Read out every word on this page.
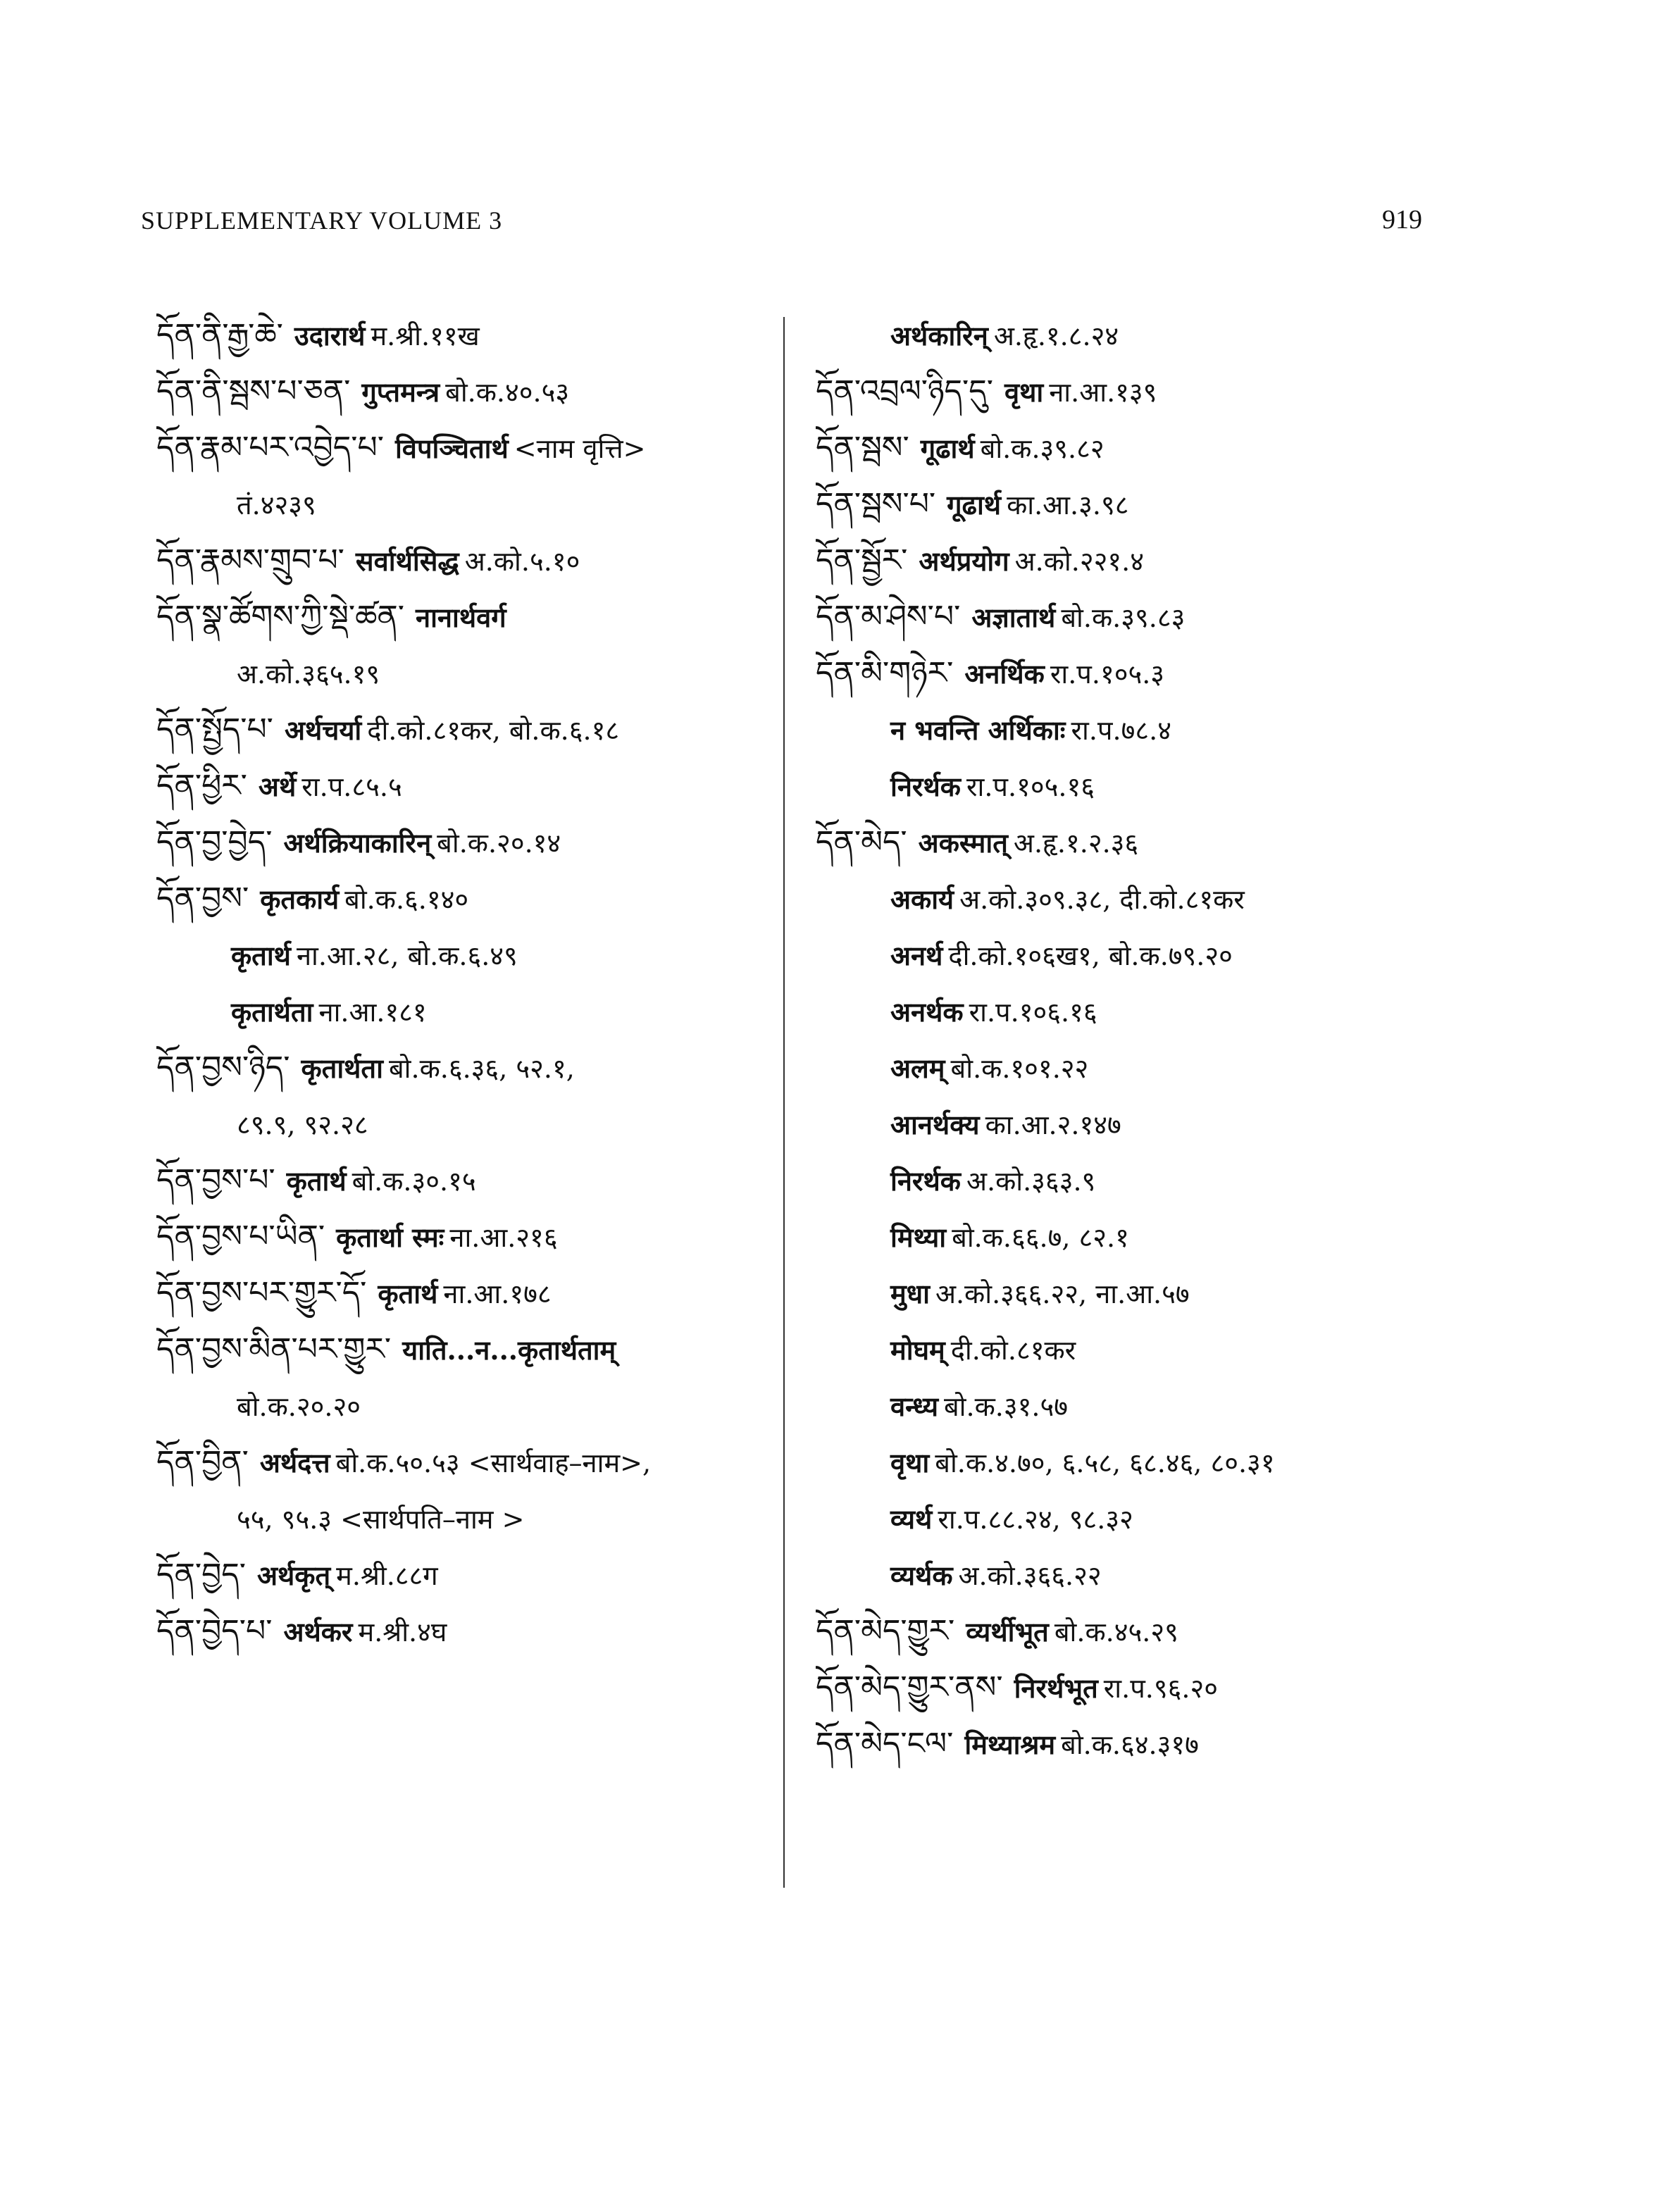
SUPPLEMENTARY VOLUME 3	919
དོན་ནི་རྒྱ་ཆེ་ उदारार्थ म.श्री.११ख
དོན་ནི་སྦས་པ་ཅན་ गुप्तमन्त्र बो.क.४०.५३
དོན་རྣམ་པར་འབྱེད་པ་ विपञ्चितार्थ <नाम वृत्ति>
तं.४२३९
དོན་རྣམས་གྲུབ་པ་ सर्वार्थसिद्ध अ.को.५.१०
དོན་སྣ་ཚོགས་ཀྱི་སྡེ་ཚན་ नानार्थवर्ग
अ.को.३६५.१९
དོན་སྤྱོད་པ་ अर्थचर्या दी.को.८१कर, बो.क.६.१८
དོན་ཕྱིར་ अर्थे रा.प.८५.५
དོན་བྱ་བྱེད་ अर्थक्रियाकारिन् बो.क.२०.१४
དོན་བྱས་ कृतकार्य बो.क.६.१४०
कृतार्थ ना.आ.२८, बो.क.६.४९
कृतार्थता ना.आ.१८१
དོན་བྱས་ཉིད་ कृतार्थता बो.क.६.३६, ५२.१,
८९.९, ९२.२८
དོན་བྱས་པ་ कृतार्थ बो.क.३०.१५
དོན་བྱས་པ་ཡིན་ कृतार्था स्मः ना.आ.२१६
དོན་བྱས་པར་གྱུར་དོ་ कृतार्थ ना.आ.१७८
དོན་བྱས་མིན་པར་གྱུར་ याति...न...कृतार्थताम्
बो.क.२०.२०
དོན་བྱིན་ अर्थदत्त बो.क.५०.५३ <सार्थवाह–नाम>,
५५, ९५.३ <सार्थपति–नाम >
དོན་བྱེད་ अर्थकृत् म.श्री.८८ग
དོན་བྱེད་པ་ अर्थकर म.श्री.४घ
अर्थकारिन् अ.हृ.१.८.२४
དོན་འབྲལ་ཉིད་དུ་ वृथा ना.आ.१३९
དོན་སྦས་ गूढार्थ बो.क.३९.८२
དོན་སྦས་པ་ गूढार्थ का.आ.३.९८
དོན་སྦྱོར་ अर्थप्रयोग अ.को.२२१.४
དོན་མ་ཤེས་པ་ अज्ञातार्थ बो.क.३९.८३
དོན་མི་གཉེར་ अनर्थिक रा.प.१०५.३
न भवन्ति अर्थिकाः रा.प.७८.४
निरर्थक रा.प.१०५.१६
དོན་མེད་ अकस्मात् अ.हृ.१.२.३६
अकार्य अ.को.३०९.३८, दी.को.८१कर
अनर्थ दी.को.१०६ख१, बो.क.७९.२०
अनर्थक रा.प.१०६.१६
अलम् बो.क.१०१.२२
आनर्थक्य का.आ.२.१४७
निरर्थक अ.को.३६३.९
मिथ्या बो.क.६६.७, ८२.१
मुधा अ.को.३६६.२२, ना.आ.५७
मोघम् दी.को.८१कर
वन्ध्य बो.क.३१.५७
वृथा बो.क.४.७०, ६.५८, ६८.४६, ८०.३१
व्यर्थ रा.प.८८.२४, ९८.३२
व्यर्थक अ.को.३६६.२२
དོན་མེད་གྱུར་ व्यर्थीभूत बो.क.४५.२९
དོན་མེད་གྱུར་ནས་ निरर्थभूत रा.प.९६.२०
དོན་མེད་ངལ་ मिथ्याश्रम बो.क.६४.३१७
